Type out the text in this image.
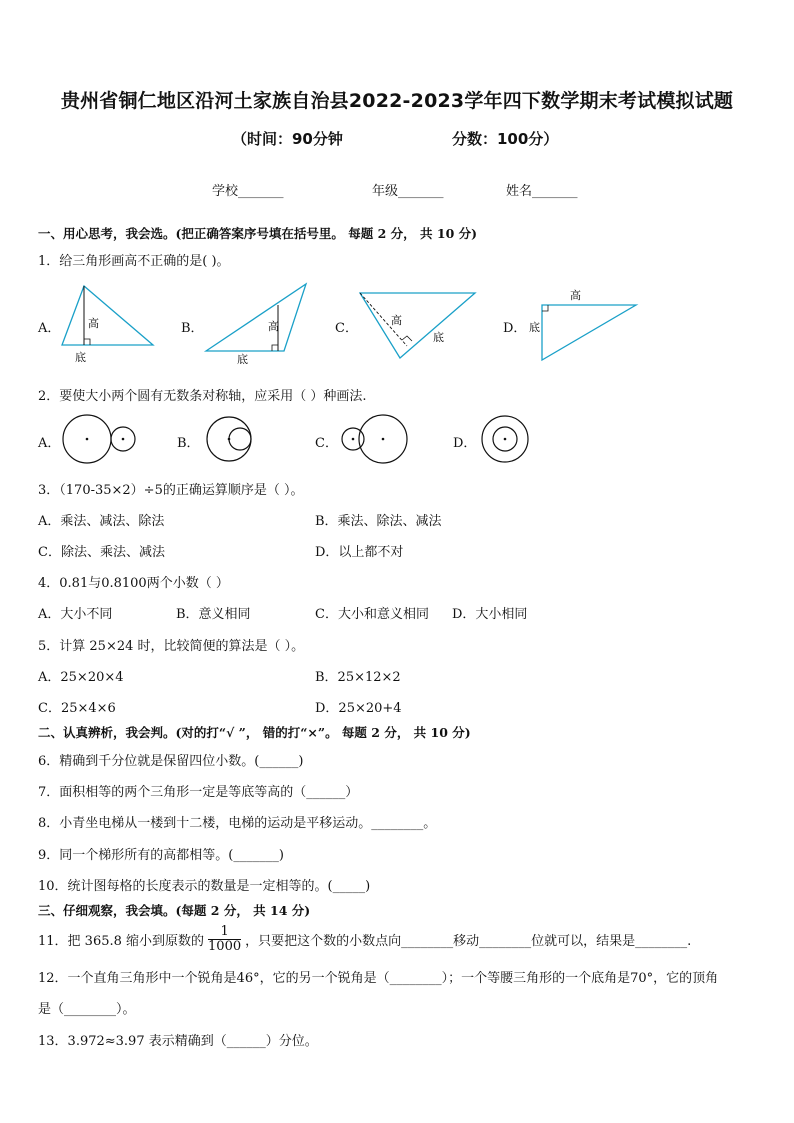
贵州省铜仁地区沿河土家族自治县2022-2023学年四下数学期末考试模拟试题
（时间：90分钟	分数：100分）
学校_______	年级_______	姓名_______
一、用心思考，我会选。(把正确答案序号填在括号里。 每题 2 分， 共 10 分)
1．给三角形画高不正确的是( )。
A．	B．	C．	D．
高
底
高
底
高
底
高
底
2．要使大小两个圆有无数条对称轴，应采用（ ）种画法.
A．	B．	C．	D．
3．（170-35×2）÷5的正确运算顺序是（ ）。
A．乘法、减法、除法	B．乘法、除法、减法
C．除法、乘法、减法	D．以上都不对
4．0.81与0.8100两个小数（ ）
A．大小不同	B．意义相同	C．大小和意义相同 D．大小相同
5．计算 25×24 时，比较简便的算法是（ ）。
A．25×20×4	B．25×12×2
C．25×4×6	D．25×20+4
二、认真辨析，我会判。(对的打“√ ”， 错的打“×”。 每题 2 分， 共 10 分)
6．精确到千分位就是保留四位小数。(______)
7．面积相等的两个三角形一定是等底等高的（______）
8．小青坐电梯从一楼到十二楼，电梯的运动是平移运动。________。
9．同一个梯形所有的高都相等。(_______)
10．统计图每格的长度表示的数量是一定相等的。(_____)
三、仔细观察，我会填。(每题 2 分， 共 14 分)
11．把 365.8 缩小到原数的 $\frac{1}{1000}$ ，只要把这个数的小数点向________移动________位就可以，结果是________.
12．一个直角三角形中一个锐角是46°，它的另一个锐角是（________）；一个等腰三角形的一个底角是70°，它的顶角
是（________）。
13．3.972≈3.97 表示精确到（______）分位。
